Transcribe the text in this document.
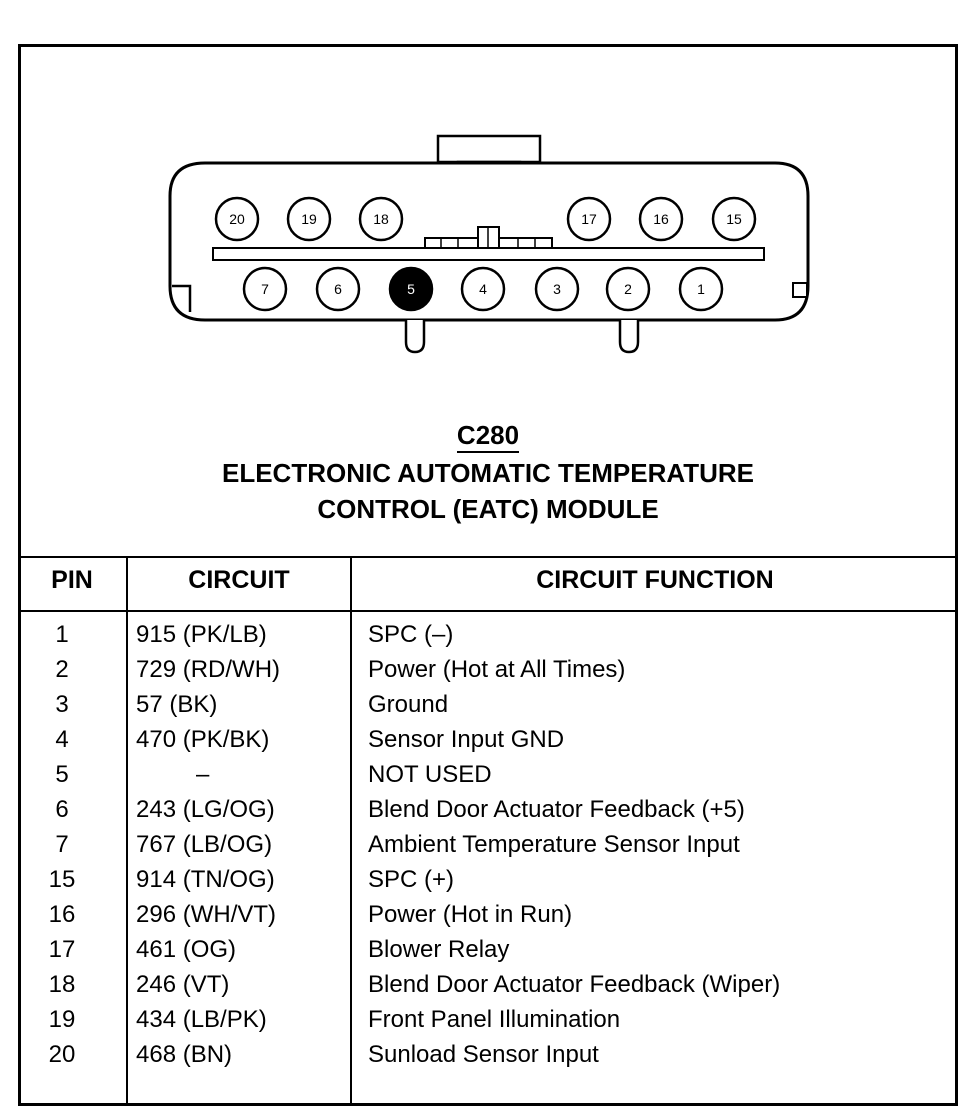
20	19	18	17	16	15
7	6	5	4	3	2	1
C280
ELECTRONIC AUTOMATIC TEMPERATURE
CONTROL (EATC) MODULE
PIN	CIRCUIT	CIRCUIT FUNCTION
1	915 (PK/LB)	SPC (–)
2	729 (RD/WH)	Power (Hot at All Times)
3	57 (BK)	Ground
4	470 (PK/BK)	Sensor Input GND
5	–	NOT USED
6	243 (LG/OG)	Blend Door Actuator Feedback (+5)
7	767 (LB/OG)	Ambient Temperature Sensor Input
15	914 (TN/OG)	SPC (+)
16	296 (WH/VT)	Power (Hot in Run)
17	461 (OG)	Blower Relay
18	246 (VT)	Blend Door Actuator Feedback (Wiper)
19	434 (LB/PK)	Front Panel Illumination
20	468 (BN)	Sunload Sensor Input
